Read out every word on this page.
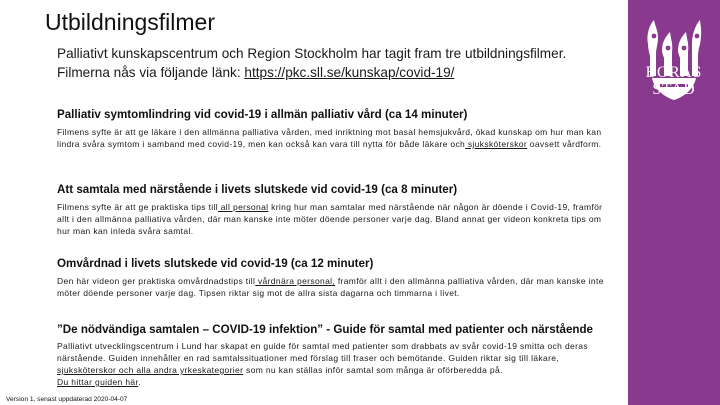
Utbildningsfilmer
Palliativt kunskapscentrum och Region Stockholm har tagit fram tre utbildningsfilmer.
Filmerna nås via följande länk: https://pkc.sll.se/kunskap/covid-19/
Palliativ symtomlindring vid covid-19 i allmän palliativ vård (ca 14 minuter)
Filmens syfte är att ge läkare i den allmänna palliativa vården, med inriktning mot basal hemsjukvård, ökad kunskap om hur man kan lindra svåra symtom i samband med covid-19, men kan också kan vara till nytta för både läkare och sjuksköterskor oavsett vårdform.
Att samtala med närstående i livets slutskede vid covid-19 (ca 8 minuter)
Filmens syfte är att ge praktiska tips till all personal kring hur man samtalar med närstående när någon är döende i Covid-19, framför allt i den allmänna palliativa vården, där man kanske inte möter döende personer varje dag. Bland annat ger videon konkreta tips om hur man kan inleda svåra samtal.
Omvårdnad i livets slutskede vid covid-19 (ca 12 minuter)
Den här videon ger praktiska omvårdnadstips till vårdnära personal, framför allt i den allmänna palliativa vården, där man kanske inte möter döende personer varje dag. Tipsen riktar sig mot de allra sista dagarna och timmarna i livet.
”De nödvändiga samtalen – COVID-19 infektion” - Guide för samtal med patienter och närstående
Palliativt utvecklingscentrum i Lund har skapat en guide för samtal med patienter som drabbats av svår covid-19 smitta och deras närstående. Guiden innehåller en rad samtalssituationer med förslag till fraser och bemötande. Guiden riktar sig till läkare, sjuksköterskor och alla andra yrkeskategorier som nu kan ställas inför samtal som många är oförberedda på.
Du hittar guiden här.
Version 1, senast uppdaterad 2020-04-07
BORÅS
STAD
